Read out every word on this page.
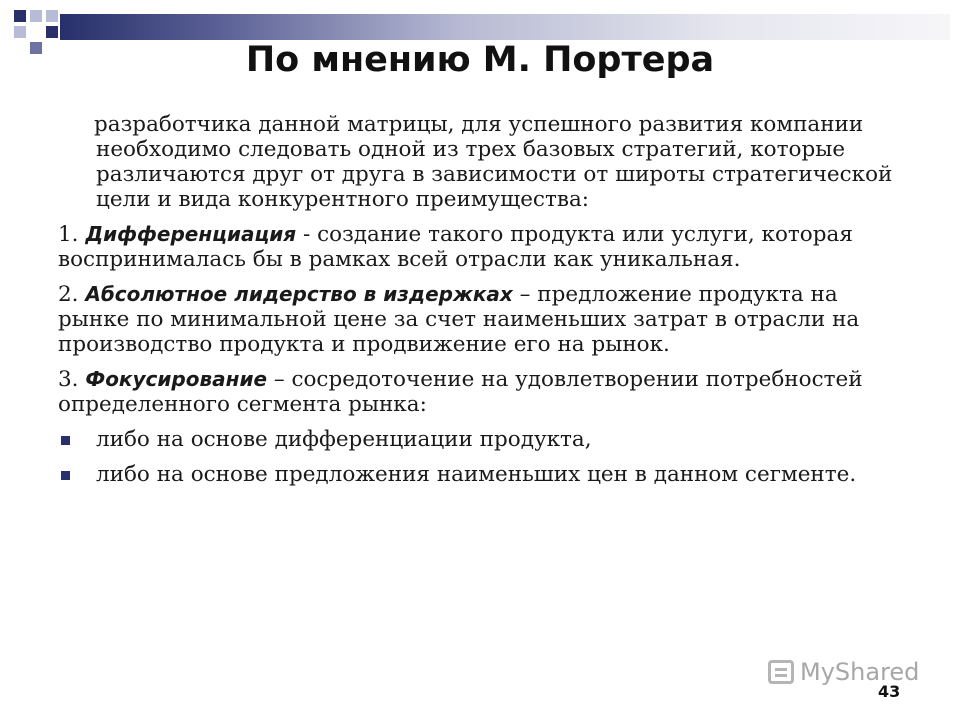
По мнению М. Портера

разработчика данной матрицы, для успешного развития компании необходимо следовать одной из трех базовых стратегий, которые различаются друг от друга в зависимости от широты стратегической цели и вида конкурентного преимущества:

1. Дифференциация - создание такого продукта или услуги, которая воспринималась бы в рамках всей отрасли как уникальная.
2. Абсолютное лидерство в издержках – предложение продукта на рынке по минимальной цене за счет наименьших затрат в отрасли на производство продукта и продвижение его на рынок.
3. Фокусирование – сосредоточение на удовлетворении потребностей определенного сегмента рынка:
либо на основе дифференциации продукта,
либо на основе предложения наименьших цен в данном сегменте.
MyShared
43
